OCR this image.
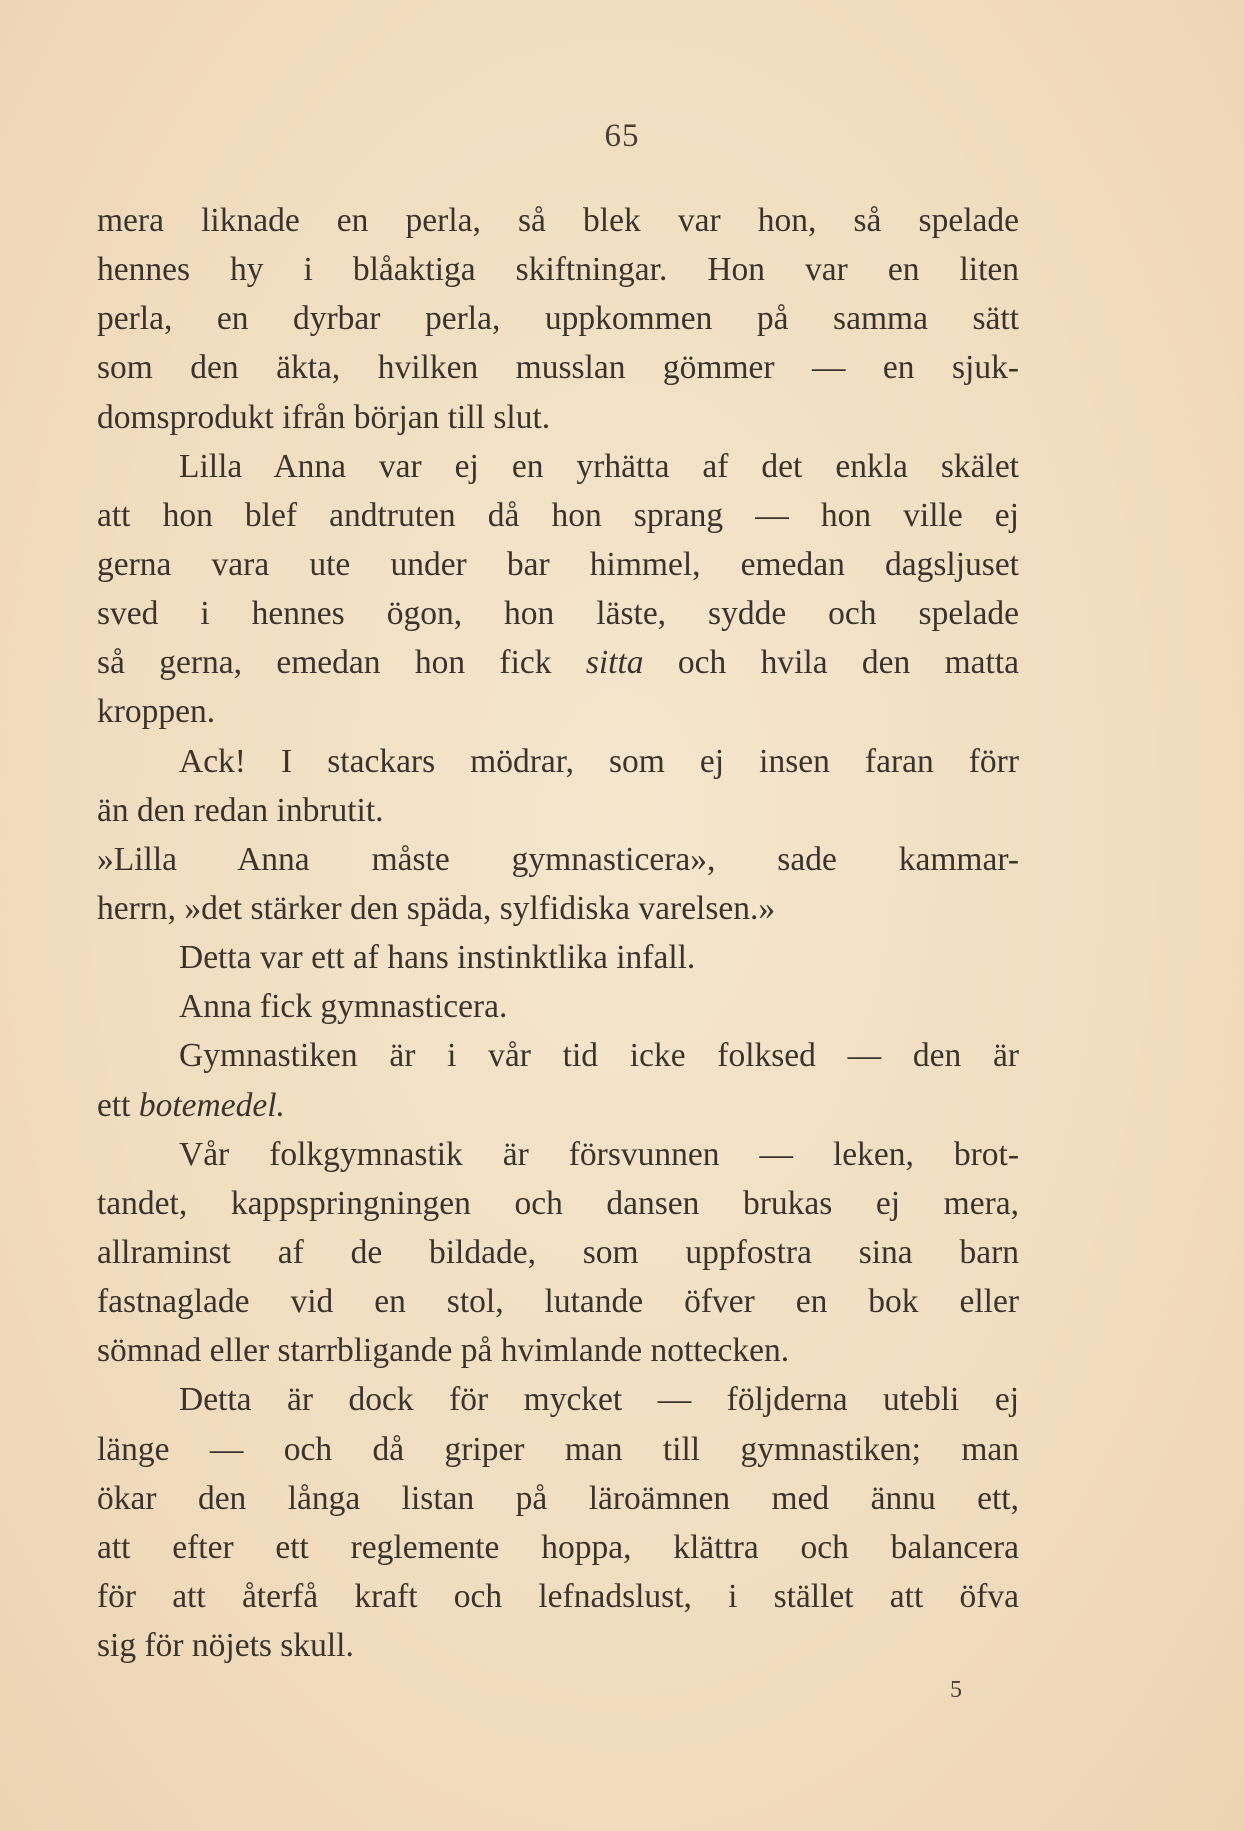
65
mera liknade en perla, så blek var hon, så spelade
hennes hy i blåaktiga skiftningar. Hon var en liten
perla, en dyrbar perla, uppkommen på samma sätt
som den äkta, hvilken musslan gömmer — en sjuk-
domsprodukt ifrån början till slut.
Lilla Anna var ej en yrhätta af det enkla skälet
att hon blef andtruten då hon sprang — hon ville ej
gerna vara ute under bar himmel, emedan dagsljuset
sved i hennes ögon, hon läste, sydde och spelade
så gerna, emedan hon fick sitta och hvila den matta
kroppen.
Ack! I stackars mödrar, som ej insen faran förr
än den redan inbrutit.
»Lilla Anna måste gymnasticera», sade kammar-
herrn, »det stärker den späda, sylfidiska varelsen.»
Detta var ett af hans instinktlika infall.
Anna fick gymnasticera.
Gymnastiken är i vår tid icke folksed — den är
ett botemedel.
Vår folkgymnastik är försvunnen — leken, brot-
tandet, kappspringningen och dansen brukas ej mera,
allraminst af de bildade, som uppfostra sina barn
fastnaglade vid en stol, lutande öfver en bok eller
sömnad eller starrbligande på hvimlande nottecken.
Detta är dock för mycket — följderna utebli ej
länge — och då griper man till gymnastiken; man
ökar den långa listan på läroämnen med ännu ett,
att efter ett reglemente hoppa, klättra och balancera
för att återfå kraft och lefnadslust, i stället att öfva
sig för nöjets skull.
5
